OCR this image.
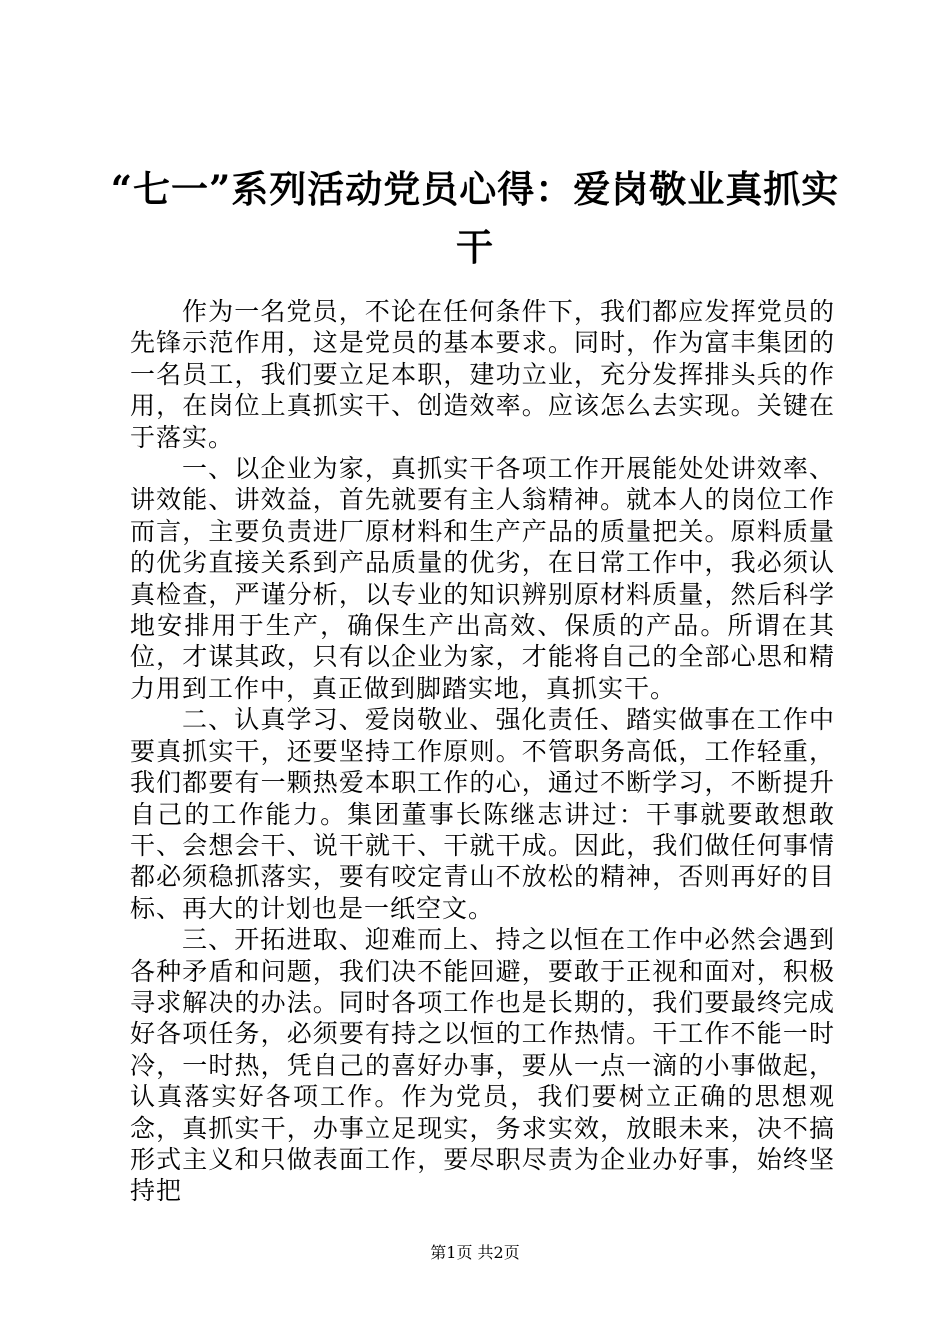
“七一”系列活动党员心得：爱岗敬业真抓实干

作为一名党员，不论在任何条件下，我们都应发挥党员的先锋示范作用，这是党员的基本要求。同时，作为富丰集团的一名员工，我们要立足本职，建功立业，充分发挥排头兵的作用，在岗位上真抓实干、创造效率。应该怎么去实现。关键在于落实。

一、以企业为家，真抓实干各项工作开展能处处讲效率、讲效能、讲效益，首先就要有主人翁精神。就本人的岗位工作而言，主要负责进厂原材料和生产产品的质量把关。原料质量的优劣直接关系到产品质量的优劣，在日常工作中，我必须认真检查，严谨分析，以专业的知识辨别原材料质量，然后科学地安排用于生产，确保生产出高效、保质的产品。所谓在其位，才谋其政，只有以企业为家，才能将自己的全部心思和精力用到工作中，真正做到脚踏实地，真抓实干。

二、认真学习、爱岗敬业、强化责任、踏实做事在工作中要真抓实干，还要坚持工作原则。不管职务高低，工作轻重，我们都要有一颗热爱本职工作的心，通过不断学习，不断提升自己的工作能力。集团董事长陈继志讲过：干事就要敢想敢干、会想会干、说干就干、干就干成。因此，我们做任何事情都必须稳抓落实，要有咬定青山不放松的精神，否则再好的目标、再大的计划也是一纸空文。

三、开拓进取、迎难而上、持之以恒在工作中必然会遇到各种矛盾和问题，我们决不能回避，要敢于正视和面对，积极寻求解决的办法。同时各项工作也是长期的，我们要最终完成好各项任务，必须要有持之以恒的工作热情。干工作不能一时冷，一时热，凭自己的喜好办事，要从一点一滴的小事做起，认真落实好各项工作。作为党员，我们要树立正确的思想观念，真抓实干，办事立足现实，务求实效，放眼未来，决不搞形式主义和只做表面工作，要尽职尽责为企业办好事，始终坚持把

第1页 共2页
